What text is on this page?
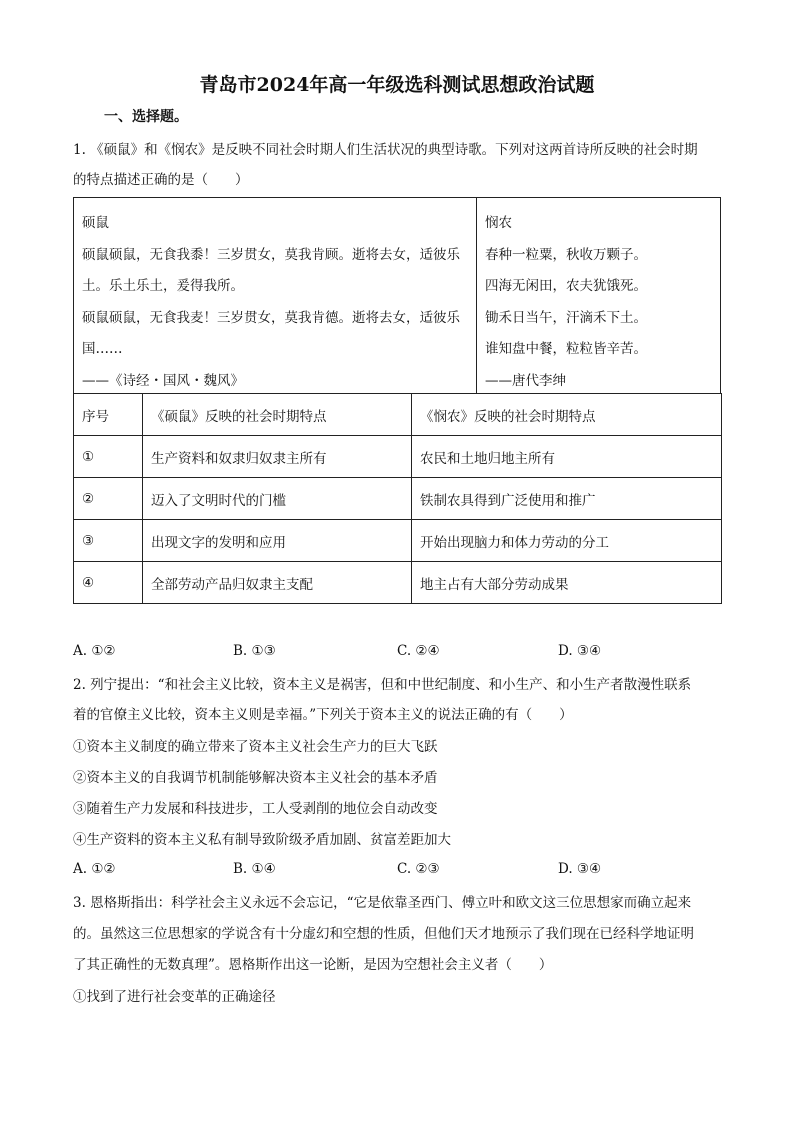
青岛市2024年高一年级选科测试思想政治试题
一、选择题。
1. 《硕鼠》和《悯农》是反映不同社会时期人们生活状况的典型诗歌。下列对这两首诗所反映的社会时期
的特点描述正确的是（　　）
硕鼠
硕鼠硕鼠，无食我黍！三岁贯女，莫我肯顾。逝将去女，适彼乐
土。乐土乐土，爰得我所。
硕鼠硕鼠，无食我麦！三岁贯女，莫我肯德。逝将去女，适彼乐
国……
——《诗经・国风・魏风》
悯农
春种一粒粟，秋收万颗子。
四海无闲田，农夫犹饿死。
锄禾日当午，汗滴禾下土。
谁知盘中餐，粒粒皆辛苦。
——唐代李绅
序号	《硕鼠》反映的社会时期特点	《悯农》反映的社会时期特点
①	生产资料和奴隶归奴隶主所有	农民和土地归地主所有
②	迈入了文明时代的门槛	铁制农具得到广泛使用和推广
③	出现文字的发明和应用	开始出现脑力和体力劳动的分工
④	全部劳动产品归奴隶主支配	地主占有大部分劳动成果
A. ①②	B. ①③	C. ②④	D. ③④
2. 列宁提出：“和社会主义比较，资本主义是祸害，但和中世纪制度、和小生产、和小生产者散漫性联系
着的官僚主义比较，资本主义则是幸福。”下列关于资本主义的说法正确的有（　　）
①资本主义制度的确立带来了资本主义社会生产力的巨大飞跃
②资本主义的自我调节机制能够解决资本主义社会的基本矛盾
③随着生产力发展和科技进步，工人受剥削的地位会自动改变
④生产资料的资本主义私有制导致阶级矛盾加剧、贫富差距加大
A. ①②	B. ①④	C. ②③	D. ③④
3. 恩格斯指出：科学社会主义永远不会忘记，“它是依靠圣西门、傅立叶和欧文这三位思想家而确立起来
的。虽然这三位思想家的学说含有十分虚幻和空想的性质，但他们天才地预示了我们现在已经科学地证明
了其正确性的无数真理”。恩格斯作出这一论断，是因为空想社会主义者（　　）
①找到了进行社会变革的正确途径
